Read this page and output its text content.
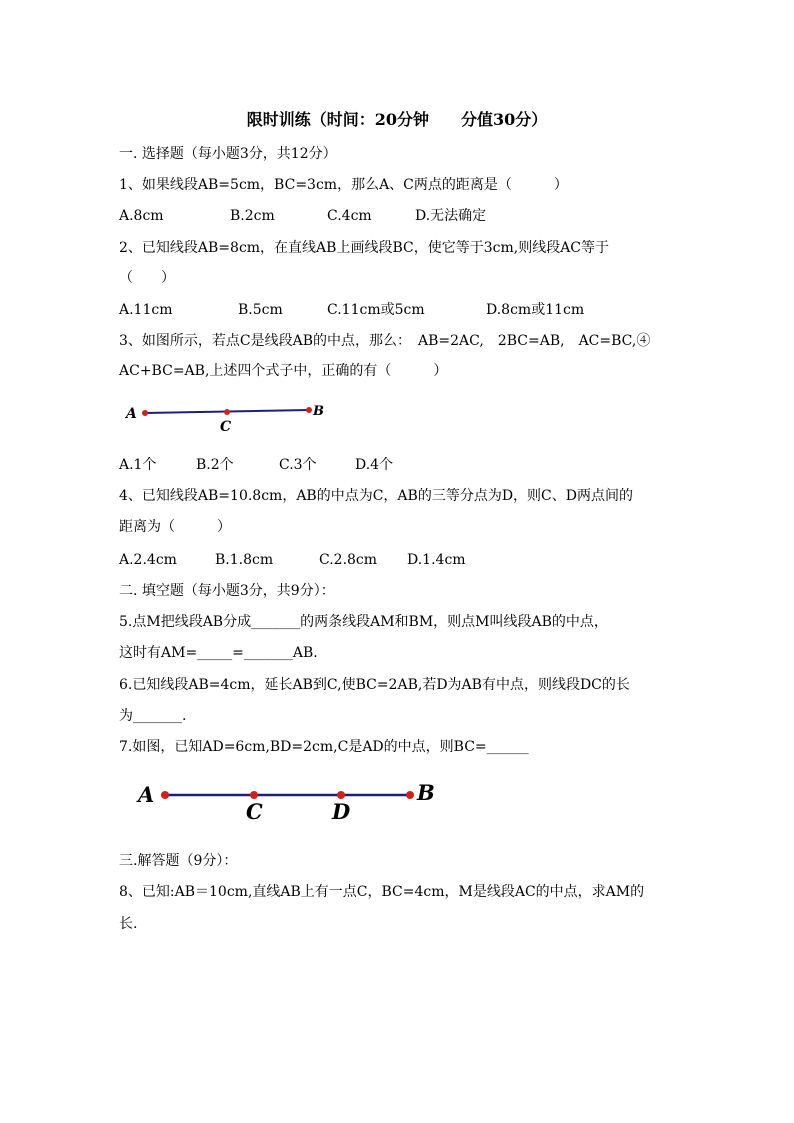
限时训练（时间：20分钟　　分值30分）
一. 选择题（每小题3分，共12分）
1、如果线段AB=5cm，BC=3cm，那么A、C两点的距离是（　　　）
A.8cm	B.2cm	C.4cm	D.无法确定
2、已知线段AB=8cm，在直线AB上画线段BC，使它等于3cm,则线段AC等于
（　　）
A.11cm	B.5cm	C.11cm或5cm	D.8cm或11cm
3、如图所示，若点C是线段AB的中点，那么：　AB=2AC,　2BC=AB,　AC=BC,④
AC+BC=AB,上述四个式子中，正确的有（　　　）
A	B
C
A	B
C	D
A.1个	B.2个	C.3个	D.4个
4、已知线段AB=10.8cm，AB的中点为C，AB的三等分点为D，则C、D两点间的
距离为（　　　）
A.2.4cm	B.1.8cm	C.2.8cm D.1.4cm
二. 填空题（每小题3分，共9分）：
5.点M把线段AB分成_______的两条线段AM和BM，则点M叫线段AB的中点，
这时有AM=_____=_______AB.
6.已知线段AB=4cm，延长AB到C,使BC=2AB,若D为AB有中点，则线段DC的长
为_______.
7.如图，已知AD=6cm,BD=2cm,C是AD的中点，则BC=______
三.解答题（9分）：
8、已知:AB＝10cm,直线AB上有一点C，BC=4cm，M是线段AC的中点，求AM的
长.
